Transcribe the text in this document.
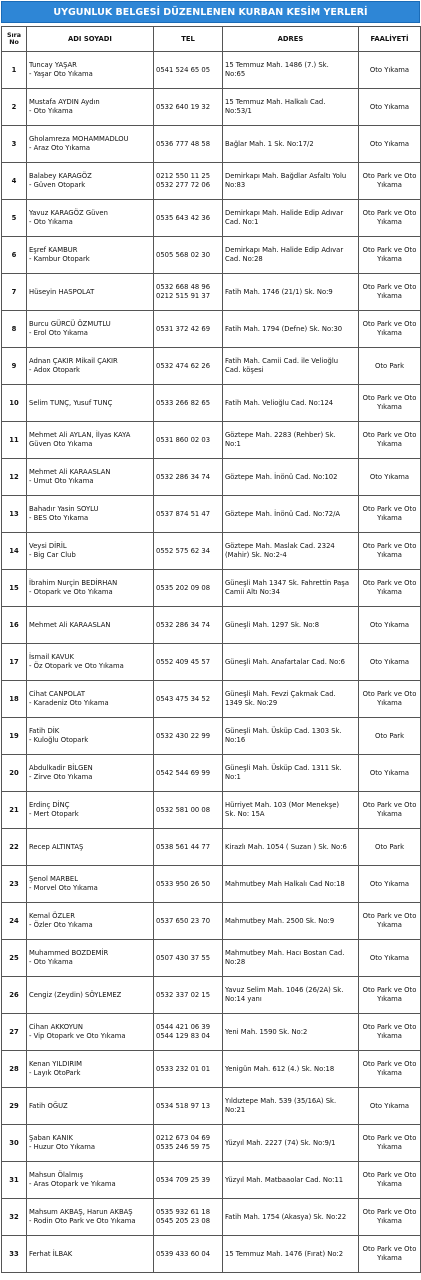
UYGUNLUK BELGESİ DÜZENLENEN KURBAN KESİM YERLERİ
Sıra
No	ADI SOYADI	TEL	ADRES	FAALİYETİ
1	Tuncay YAŞAR
- Yaşar Oto Yıkama	0541 524 65 05	15 Temmuz Mah. 1486 (7.) Sk.
No:65	Oto Yıkama

2	Mustafa AYDIN Aydın
- Oto Yıkama	0532 640 19 32	15 Temmuz Mah. Halkalı Cad.
No:53/1	Oto Yıkama

3	Gholamreza MOHAMMADLOU
- Araz Oto Yıkama	0536 777 48 58	Bağlar Mah. 1 Sk. No:17/2	Oto Yıkama

4	Balabey KARAGÖZ
- Güven Otopark	0212 550 11 25
0532 277 72 06	Demirkapı Mah. Bağdlar Asfaltı Yolu
No:83	Oto Park ve Oto
Yıkama

5	Yavuz KARAGÖZ Güven
- Oto Yıkama	0535 643 42 36	Demirkapı Mah. Halide Edip Adıvar
Cad. No:1	Oto Park ve Oto
Yıkama

6	Eşref KAMBUR
- Kambur Otopark	0505 568 02 30	Demirkapı Mah. Halide Edip Adıvar
Cad. No:28	Oto Park ve Oto
Yıkama

7	Hüseyin HASPOLAT	0532 668 48 96
0212 515 91 37	Fatih Mah. 1746 (21/1) Sk. No:9	Oto Park ve Oto
Yıkama

8	Burcu GÜRCÜ ÖZMUTLU
- Erol Oto Yıkama	0531 372 42 69	Fatih Mah. 1794 (Defne) Sk. No:30	Oto Park ve Oto
Yıkama

9	Adnan ÇAKIR Mikail ÇAKIR
- Adox Otopark	0532 474 62 26	Fatih Mah. Camii Cad. ile Velioğlu
Cad. köşesi	Oto Park

10	Selim TUNÇ, Yusuf TUNÇ	0533 266 82 65	Fatih Mah. Velioğlu Cad. No:124	Oto Park ve Oto
Yıkama

11	Mehmet Ali AYLAN, İlyas KAYA
Güven Oto Yıkama	0531 860 02 03	Göztepe Mah. 2283 (Rehber) Sk.
No:1	Oto Park ve Oto
Yıkama

12	Mehmet Ali KARAASLAN
- Umut Oto Yıkama	0532 286 34 74	Göztepe Mah. İnönü Cad. No:102	Oto Yıkama

13	Bahadır Yasin SOYLU
- BES Oto Yıkama	0537 874 51 47	Göztepe Mah. İnönü Cad. No:72/A	Oto Park ve Oto
Yıkama

14	Veysi DİRİL
- Big Car Club	0552 575 62 34	Göztepe Mah. Maslak Cad. 2324
(Mahir) Sk. No:2-4	Oto Park ve Oto
Yıkama

15	İbrahim Nurçin BEDİRHAN
- Otopark ve Oto Yıkama	0535 202 09 08	Güneşli Mah 1347 Sk. Fahrettin Paşa
Camii Altı No:34	Oto Park ve Oto
Yıkama

16	Mehmet Ali KARAASLAN	0532 286 34 74	Güneşli Mah. 1297 Sk. No:8	Oto Yıkama

17	İsmail KAVUK
- Öz Otopark ve Oto Yıkama	0552 409 45 57	Güneşli Mah. Anafartalar Cad. No:6	Oto Yıkama

18	Cihat CANPOLAT
- Karadeniz Oto Yıkama	0543 475 34 52	Güneşli Mah. Fevzi Çakmak Cad.
1349 Sk. No:29	Oto Park ve Oto
Yıkama

19	Fatih DİK
- Kuloğlu Otopark	0532 430 22 99	Güneşli Mah. Üsküp Cad. 1303 Sk.
No:16	Oto Park

20	Abdulkadir BİLGEN
- Zirve Oto Yıkama	0542 544 69 99	Güneşli Mah. Üsküp Cad. 1311 Sk.
No:1	Oto Yıkama

21	Erdinç DİNÇ
- Mert Otopark	0532 581 00 08	Hürriyet Mah. 103 (Mor Menekşe)
Sk. No: 15A	Oto Park ve Oto
Yıkama

22	Recep ALTINTAŞ	0538 561 44 77	Kirazlı Mah. 1054 ( Suzan ) Sk. No:6	Oto Park

23	Şenol MARBEL
- Morvel Oto Yıkama	0533 950 26 50	Mahmutbey Mah Halkalı Cad No:18	Oto Yıkama

24	Kemal ÖZLER
- Özler Oto Yıkama	0537 650 23 70	Mahmutbey Mah. 2500 Sk. No:9	Oto Park ve Oto
Yıkama

25	Muhammed BOZDEMİR
- Oto Yıkama	0507 430 37 55	Mahmutbey Mah. Hacı Bostan Cad.
No:28	Oto Yıkama

26	Cengiz (Zeydin) SÖYLEMEZ	0532 337 02 15	Yavuz Selim Mah. 1046 (26/2A) Sk.
No:14 yanı	Oto Park ve Oto
Yıkama

27	Cihan AKKOYUN
- Vip Otopark ve Oto Yıkama	0544 421 06 39
0544 129 83 04	Yeni Mah. 1590 Sk. No:2	Oto Park ve Oto
Yıkama

28	Kenan YILDIRIM
- Layık OtoPark	0533 232 01 01	Yenigün Mah. 612 (4.) Sk. No:18	Oto Park ve Oto
Yıkama

29	Fatih OĞUZ	0534 518 97 13	Yıldıztepe Mah. 539 (35/16A) Sk.
No:21	Oto Yıkama

30	Şaban KANIK
- Huzur Oto Yıkama	0212 673 04 69
0535 246 59 75	Yüzyıl Mah. 2227 (74) Sk. No:9/1	Oto Park ve Oto
Yıkama

31	Mahsun Ölalmış
- Aras Otopark ve Yıkama	0534 709 25 39	Yüzyıl Mah. Matbaaolar Cad. No:11	Oto Park ve Oto
Yıkama

32	Mahsum AKBAŞ, Harun AKBAŞ
- Rodin Oto Park ve Oto Yıkama	0535 932 61 18
0545 205 23 08	Fatih Mah. 1754 (Akasya) Sk. No:22	Oto Park ve Oto
Yıkama

33	Ferhat İLBAK	0539 433 60 04	15 Temmuz Mah. 1476 (Fırat) No:2	Oto Park ve Oto
Yıkama
